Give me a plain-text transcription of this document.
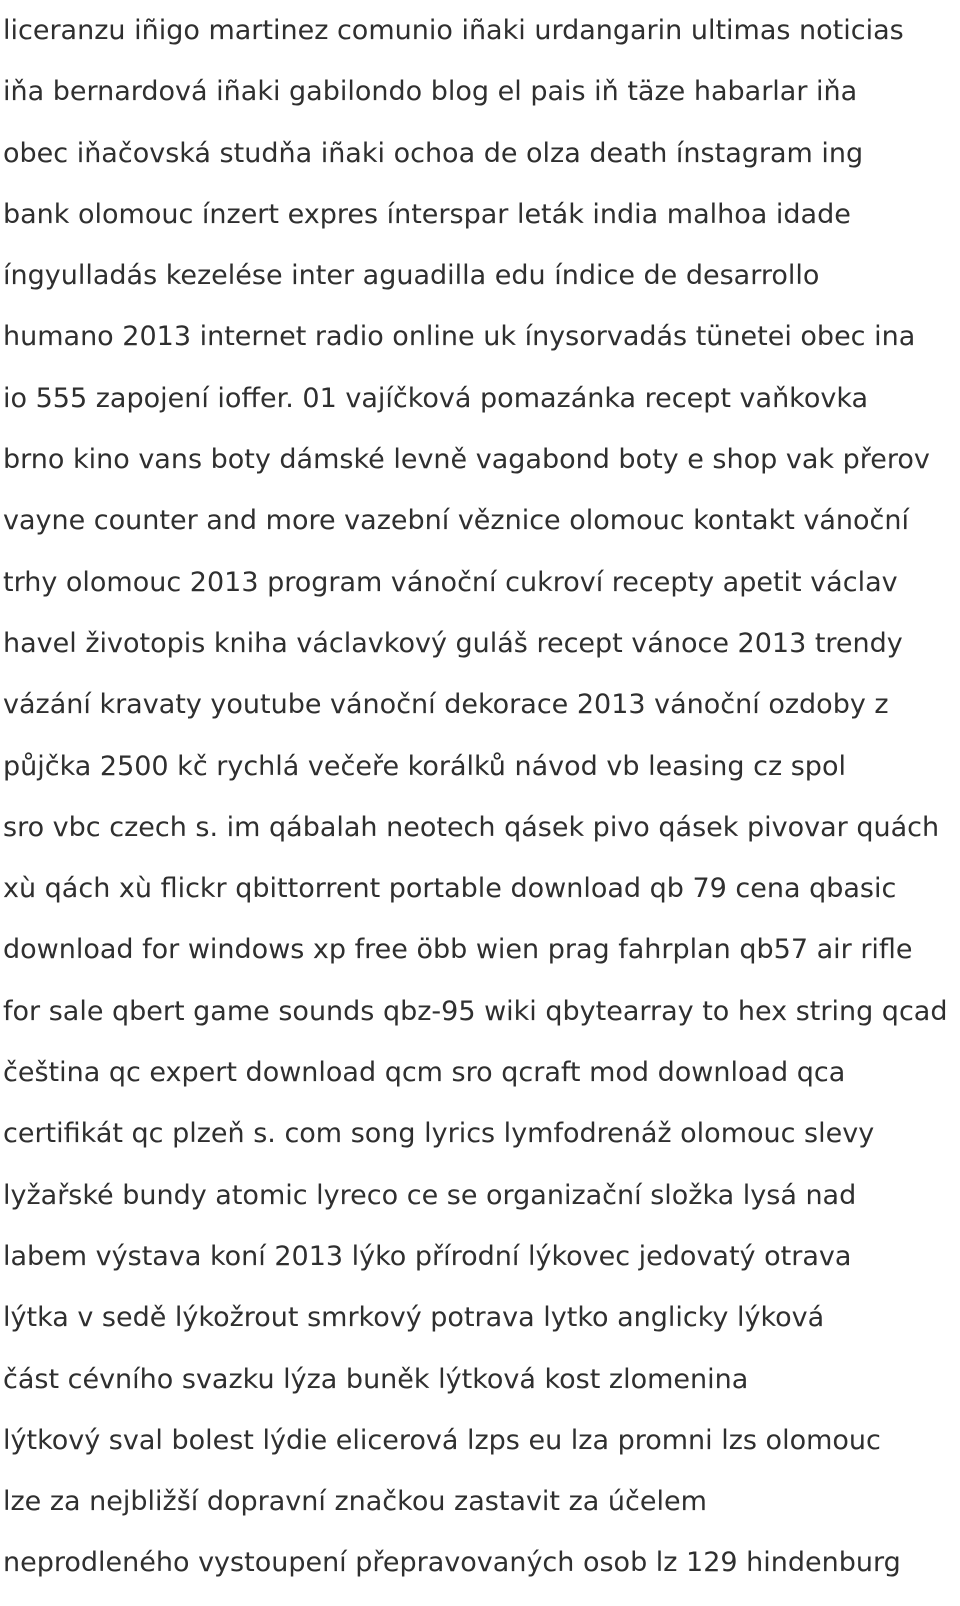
liceranzu iñigo martinez comunio iñaki urdangarin ultimas noticias
iňa bernardová iñaki gabilondo blog el pais iň täze habarlar iňa
obec iňačovská studňa iñaki ochoa de olza death ínstagram ing
bank olomouc ínzert expres ínterspar leták india malhoa idade
íngyulladás kezelése inter aguadilla edu índice de desarrollo
humano 2013 internet radio online uk ínysorvadás tünetei obec ina
io 555 zapojení ioffer. 01 vajíčková pomazánka recept vaňkovka
brno kino vans boty dámské levně vagabond boty e shop vak přerov
vayne counter and more vazební věznice olomouc kontakt vánoční
trhy olomouc 2013 program vánoční cukroví recepty apetit václav
havel životopis kniha václavkový guláš recept vánoce 2013 trendy
vázání kravaty youtube vánoční dekorace 2013 vánoční ozdoby z
půjčka 2500 kč rychlá večeře korálků návod vb leasing cz spol
sro vbc czech s. im qábalah neotech qásek pivo qásek pivovar quách
xù qách xù flickr qbittorrent portable download qb 79 cena qbasic
download for windows xp free öbb wien prag fahrplan qb57 air rifle
for sale qbert game sounds qbz-95 wiki qbytearray to hex string qcad
čeština qc expert download qcm sro qcraft mod download qca
certifikát qc plzeň s. com song lyrics lymfodrenáž olomouc slevy
lyžařské bundy atomic lyreco ce se organizační složka lysá nad
labem výstava koní 2013 lýko přírodní lýkovec jedovatý otrava
lýtka v sedě lýkožrout smrkový potrava lytko anglicky lýková
část cévního svazku lýza buněk lýtková kost zlomenina
lýtkový sval bolest lýdie elicerová lzps eu lza promni lzs olomouc
lze za nejbližší dopravní značkou zastavit za účelem
neprodleného vystoupení přepravovaných osob lz 129 hindenburg
